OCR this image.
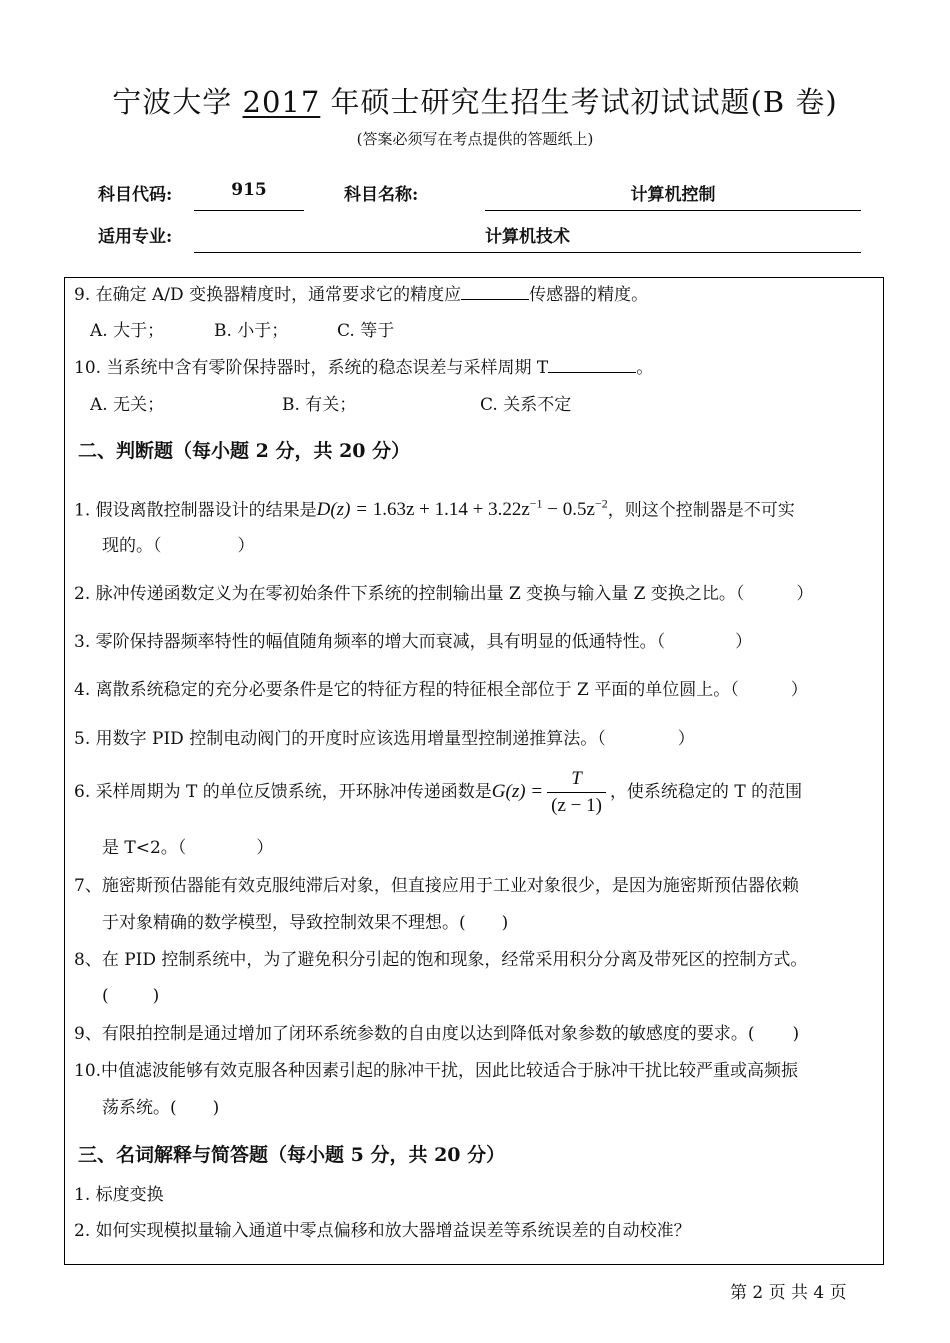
宁波大学 2017 年硕士研究生招生考试初试试题(B 卷)
(答案必须写在考点提供的答题纸上)
科目代码:	915	科目名称:	计算机控制
适用专业:	计算机技术
9. 在确定 A/D 变换器精度时，通常要求它的精度应	传感器的精度。
A. 大于；	B. 小于；	C. 等于
10. 当系统中含有零阶保持器时，系统的稳态误差与采样周期 T	。
A. 无关；	B. 有关；	C. 关系不定
二、判断题（每小题 2 分，共 20 分）
1. 假设离散控制器设计的结果是$D(z) = 1.63z + 1.14 + 3.22z^{-1} - 0.5z^{-2}$，则这个控制器是不可实
现的。（	）
2. 脉冲传递函数定义为在零初始条件下系统的控制输出量 Z 变换与输入量 Z 变换之比。（	）
3. 零阶保持器频率特性的幅值随角频率的增大而衰减，具有明显的低通特性。（	）
4. 离散系统稳定的充分必要条件是它的特征方程的特征根全部位于 Z 平面的单位圆上。（	）
5. 用数字 PID 控制电动阀门的开度时应该选用增量型控制递推算法。（	）
6. 采样周期为 T 的单位反馈系统，开环脉冲传递函数是$G(z) = \frac{T}{(z - 1)}$ ，使系统稳定的 T 的范围
是 T<2。（	）
7、施密斯预估器能有效克服纯滞后对象，但直接应用于工业对象很少，是因为施密斯预估器依赖
于对象精确的数学模型，导致控制效果不理想。( )
8、在 PID 控制系统中，为了避免积分引起的饱和现象，经常采用积分分离及带死区的控制方式。
(	)
9、有限拍控制是通过增加了闭环系统参数的自由度以达到降低对象参数的敏感度的要求。( )
10.中值滤波能够有效克服各种因素引起的脉冲干扰，因此比较适合于脉冲干扰比较严重或高频振
荡系统。( )
三、名词解释与简答题（每小题 5 分，共 20 分）
1. 标度变换
2. 如何实现模拟量输入通道中零点偏移和放大器增益误差等系统误差的自动校准？
第 2 页 共 4 页
